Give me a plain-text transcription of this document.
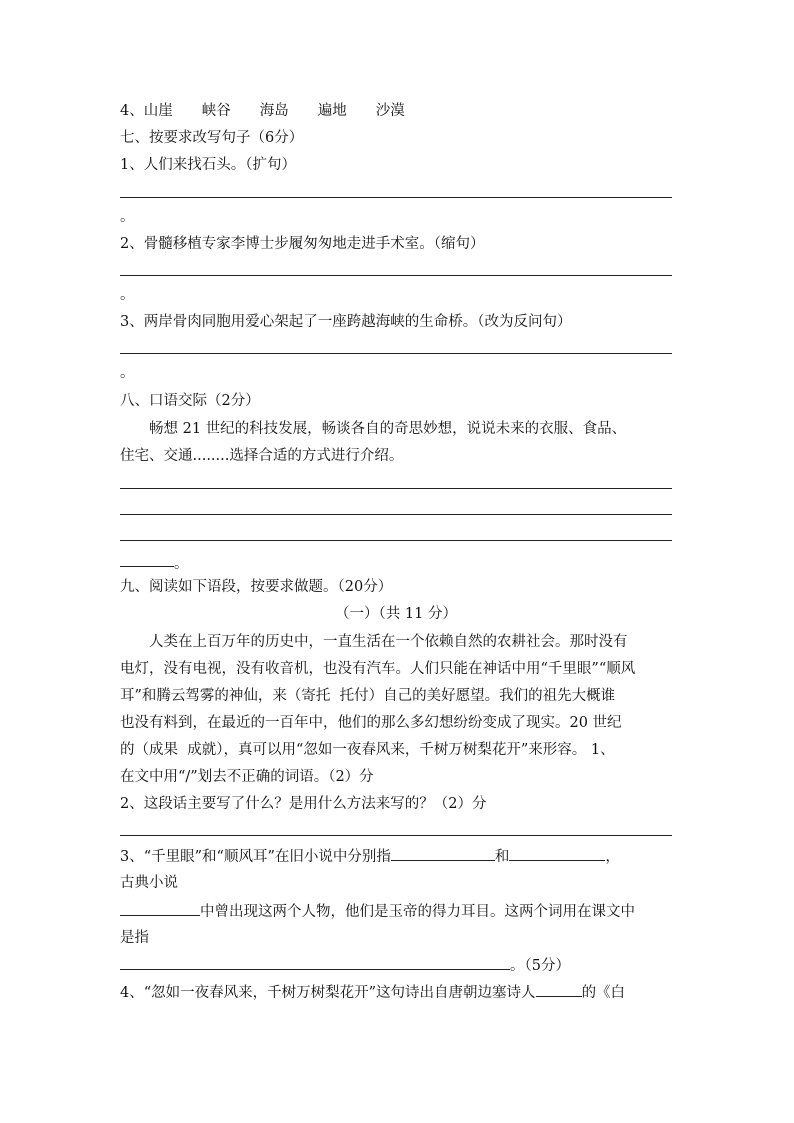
4、山崖　　峡谷　　海岛　　遍地　　沙漠
七、按要求改写句子（6分）
1、人们来找石头。（扩句）
。
2、骨髓移植专家李博士步履匆匆地走进手术室。（缩句）
。
3、两岸骨肉同胞用爱心架起了一座跨越海峡的生命桥。（改为反问句）
。
八、口语交际（2分）
　　畅想 21 世纪的科技发展，畅谈各自的奇思妙想，说说未来的衣服、食品、
住宅、交通........选择合适的方式进行介绍。
。
九、阅读如下语段，按要求做题。（20分）
（一）（共 11 分）
　　人类在上百万年的历史中，一直生活在一个依赖自然的农耕社会。那时没有
电灯，没有电视，没有收音机，也没有汽车。人们只能在神话中用“千里眼”“顺风
耳”和腾云驾雾的神仙，来（寄托  托付）自己的美好愿望。我们的祖先大概谁
也没有料到，在最近的一百年中，他们的那么多幻想纷纷变成了现实。20 世纪
的（成果  成就），真可以用“忽如一夜春风来，千树万树梨花开”来形容。 1、
在文中用“/”划去不正确的词语。（2）分
2、这段话主要写了什么？是用什么方法来写的？（2）分
3、“千里眼”和“顺风耳”在旧小说中分别指	和	，
古典小说
中曾出现这两个人物，他们是玉帝的得力耳目。这两个词用在课文中
是指
。（5分）
4、“忽如一夜春风来，千树万树梨花开”这句诗出自唐朝边塞诗人	的《白
